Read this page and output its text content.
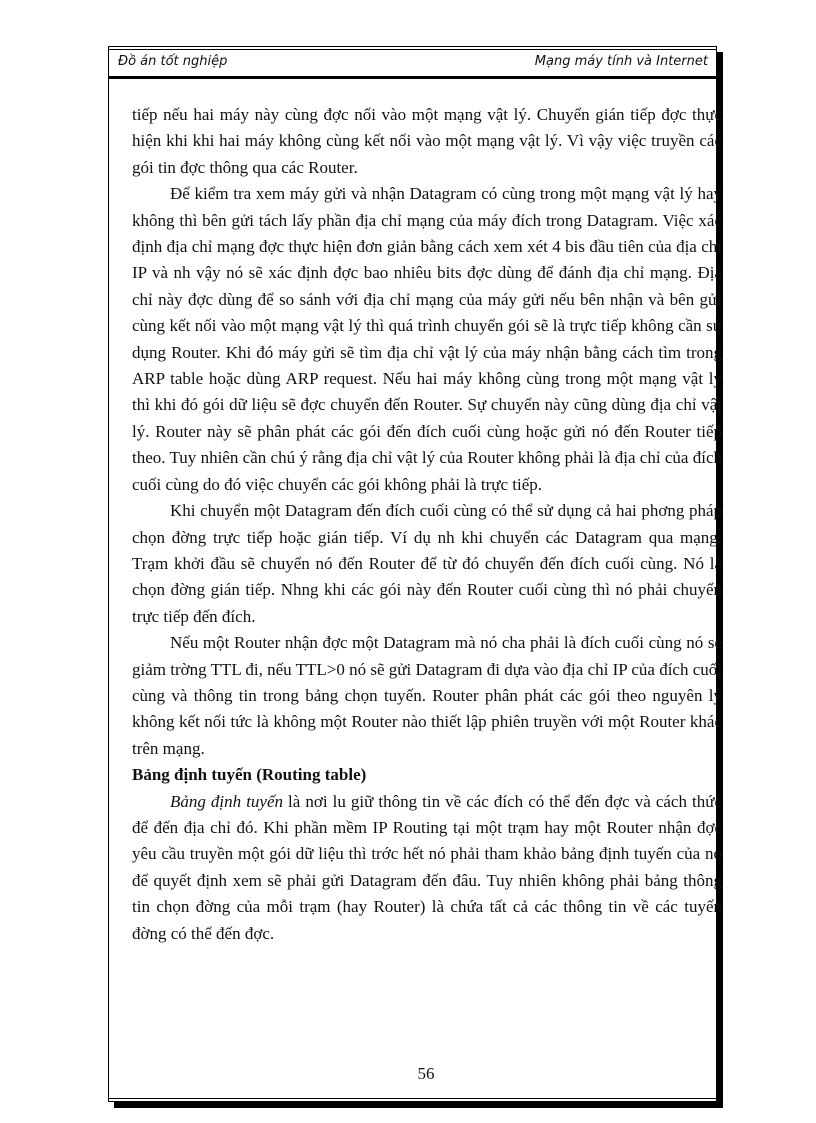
Đồ án tốt nghiệp	Mạng máy tính và Internet

tiếp nếu hai máy này cùng đợc nối vào một mạng vật lý. Chuyển gián tiếp đợc thực hiện khi khi hai máy không cùng kết nối vào một mạng vật lý. Vì vậy việc truyền các gói tin đợc thông qua các Router.

Để kiểm tra xem máy gửi và nhận Datagram có cùng trong một mạng vật lý hay không thì bên gửi tách lấy phần địa chỉ mạng của máy đích trong Datagram. Việc xác định địa chỉ mạng đợc thực hiện đơn giản bằng cách xem xét 4 bis đầu tiên của địa chỉ IP và nh vậy nó sẽ xác định đợc bao nhiêu bits đợc dùng để đánh địa chỉ mạng. Địa chỉ này đợc dùng để so sánh với địa chỉ mạng của máy gửi nếu bên nhận và bên gửi cùng kết nối vào một mạng vật lý thì quá trình chuyển gói sẽ là trực tiếp không cần sử dụng Router. Khi đó máy gửi sẽ tìm địa chỉ vật lý của máy nhận bằng cách tìm trong ARP table hoặc dùng ARP request. Nếu hai máy không cùng trong một mạng vật lý thì khi đó gói dữ liệu sẽ đợc chuyển đến Router. Sự chuyển này cũng dùng địa chỉ vật lý. Router này sẽ phân phát các gói đến đích cuối cùng hoặc gửi nó đến Router tiếp theo. Tuy nhiên cần chú ý rằng địa chỉ vật lý của Router không phải là địa chỉ của đích cuối cùng do đó việc chuyển các gói không phải là trực tiếp.

Khi chuyển một Datagram đến đích cuối cùng có thể sử dụng cả hai phơng pháp chọn đờng trực tiếp hoặc gián tiếp. Ví dụ nh khi chuyển các Datagram qua mạng. Trạm khởi đầu sẽ chuyển nó đến Router để từ đó chuyển đến đích cuối cùng. Nó là chọn đờng gián tiếp. Nhng khi các gói này đến Router cuối cùng thì nó phải chuyển trực tiếp đến đích.

Nếu một Router nhận đợc một Datagram mà nó cha phải là đích cuối cùng nó sẽ giảm trờng TTL đi, nếu TTL>0 nó sẽ gửi Datagram đi dựa vào địa chỉ IP của đích cuối cùng và thông tin trong bảng chọn tuyến. Router phân phát các gói theo nguyên lý không kết nối tức là không một Router nào thiết lập phiên truyền với một Router khác trên mạng.

Bảng định tuyến (Routing table)

Bảng định tuyến là nơi lu giữ thông tin về các đích có thể đến đợc và cách thức để đến địa chỉ đó. Khi phần mềm IP Routing tại một trạm hay một Router nhận đợc yêu cầu truyền một gói dữ liệu thì trớc hết nó phải tham khảo bảng định tuyến của nó để quyết định xem sẽ phải gửi Datagram đến đâu. Tuy nhiên không phải bảng thông tin chọn đờng của mỗi trạm (hay Router) là chứa tất cả các thông tin về các tuyến đờng có thể đến đợc.

56
